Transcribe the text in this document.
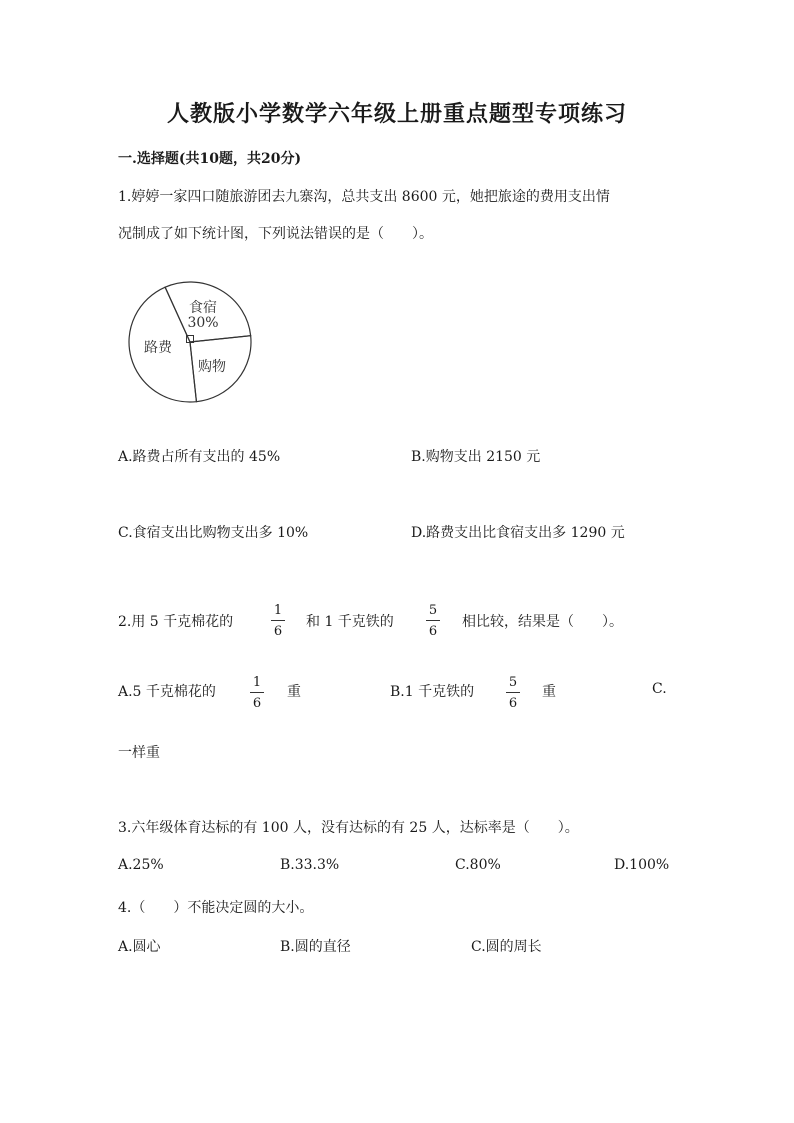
人教版小学数学六年级上册重点题型专项练习
一.选择题(共10题，共20分)
1.婷婷一家四口随旅游团去九寨沟，总共支出 8600 元，她把旅途的费用支出情
况制成了如下统计图，下列说法错误的是（　　）。
食宿
30%
购物
路费
A.路费占所有支出的 45%	B.购物支出 2150 元
C.食宿支出比购物支出多 10%	D.路费支出比食宿支出多 1290 元
2.用 5 千克棉花的
1
6
和 1 千克铁的
5
6
相比较，结果是（　　）。
A.5 千克棉花的
1
6
重	B.1 千克铁的
5
6
重	C.
一样重
3.六年级体育达标的有 100 人，没有达标的有 25 人，达标率是（　　）。
A.25%	B.33.3%	C.80%	D.100%
4.（　　）不能决定圆的大小。
A.圆心	B.圆的直径	C.圆的周长
